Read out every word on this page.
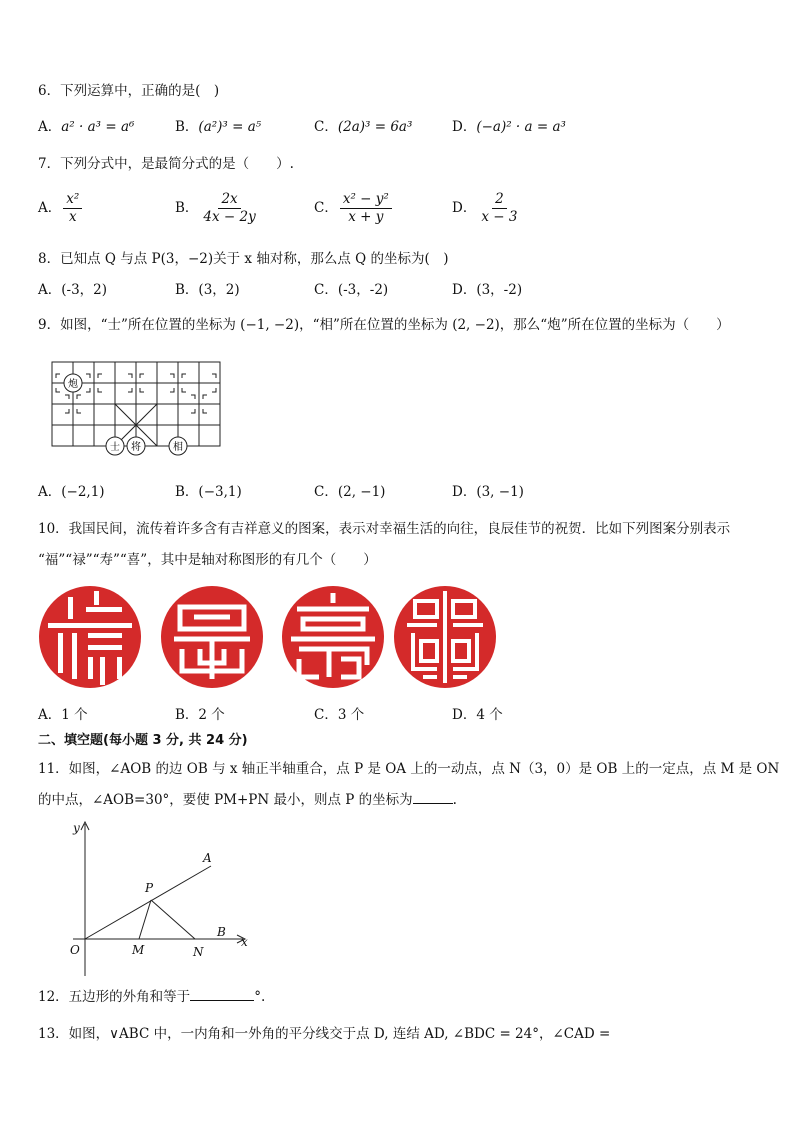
6．下列运算中，正确的是(　)
A．a² · a³ = a⁶	B．(a²)³ = a⁵	C．(2a)³ = 6a³	D．(−a)² · a = a³
7．下列分式中，是最简分式的是（　　）.
A． $\frac{\text{x²}}{x}$	B． $\frac{2x}{4x - 2y}$	C． $\frac{\text{x² − y²}}{x + y}$	D． $\frac{2}{x - 3}$
8．已知点 Q 与点 P(3，−2)关于 x 轴对称，那么点 Q 的坐标为(　)
A．(-3，2)	B．(3，2)	C．(-3，-2)	D．(3，-2)
9．如图，“士”所在位置的坐标为 (−1, −2)，“相”所在位置的坐标为 (2, −2)，那么“炮”所在位置的坐标为（　　）
炮
士 将	相
A．(−2,1)	B．(−3,1)	C．(2, −1)	D．(3, −1)
10．我国民间，流传着许多含有吉祥意义的图案，表示对幸福生活的向往，良辰佳节的祝贺．比如下列图案分别表示
“福”“禄”“寿”“喜”，其中是轴对称图形的有几个（　　）
A．1 个	B．2 个	C．3 个	D．4 个
二、填空题(每小题 3 分, 共 24 分)
11．如图，∠AOB 的边 OB 与 x 轴正半轴重合，点 P 是 OA 上的一动点，点 N（3，0）是 OB 上的一定点，点 M 是 ON
的中点，∠AOB=30°，要使 PM+PN 最小，则点 P 的坐标为	.
y
x
O
A
B
P
M	N
12．五边形的外角和等于	°.
13．如图，∨ABC 中，一内角和一外角的平分线交于点 D, 连结 AD, ∠BDC = 24°，∠CAD =
